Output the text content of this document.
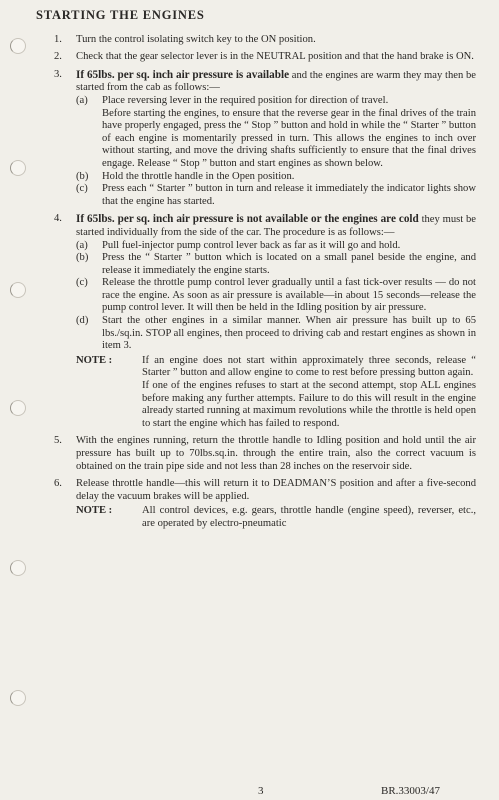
STARTING THE ENGINES
1.	Turn the control isolating switch key to the ON position.
2.	Check that the gear selector lever is in the NEUTRAL position and that the hand brake is ON.
3.	If 65lbs. per sq. inch air pressure is available and the engines are warm they may then be started from the cab as follows:—
(a)	Place reversing lever in the required position for direction of travel.
Before starting the engines, to ensure that the reverse gear in the final drives of the train have properly engaged, press the “ Stop ” button and hold in while the “ Starter ” button of each engine is momentarily pressed in turn. This allows the engines to inch over without starting, and move the driving shafts sufficiently to ensure that the final drives engage. Release “ Stop ” button and start engines as shown below.
(b)	Hold the throttle handle in the Open position.
(c)	Press each “ Starter ” button in turn and release it immediately the indicator lights show that the engine has started.
4.	If 65lbs. per sq. inch air pressure is not available or the engines are cold they must be started individually from the side of the car. The procedure is as follows:—
(a)	Pull fuel-injector pump control lever back as far as it will go and hold.
(b)	Press the “ Starter ” button which is located on a small panel beside the engine, and release it immediately the engine starts.
(c)	Release the throttle pump control lever gradually until a fast tick-over results — do not race the engine. As soon as air pressure is available—in about 15 seconds—release the pump control lever. It will then be held in the Idling position by air pressure.
(d)	Start the other engines in a similar manner. When air pressure has built up to 65 lbs./sq.in. STOP all engines, then proceed to driving cab and restart engines as shown in item 3.
NOTE :	If an engine does not start within approximately three seconds, release “ Starter ” button and allow engine to come to rest before pressing button again.
If one of the engines refuses to start at the second attempt, stop ALL engines before making any further attempts. Failure to do this will result in the engine already started running at maximum revolutions while the throttle is held open to start the engine which has failed to respond.
5.	With the engines running, return the throttle handle to Idling position and hold until the air pressure has built up to 70lbs.sq.in. through the entire train, also the correct vacuum is obtained on the train pipe side and not less than 28 inches on the reservoir side.
6.	Release throttle handle—this will return it to DEADMAN’S position and after a five-second delay the vacuum brakes will be applied.
NOTE :	All control devices, e.g. gears, throttle handle (engine speed), reverser, etc., are operated by electro-pneumatic
3	BR.33003/47
